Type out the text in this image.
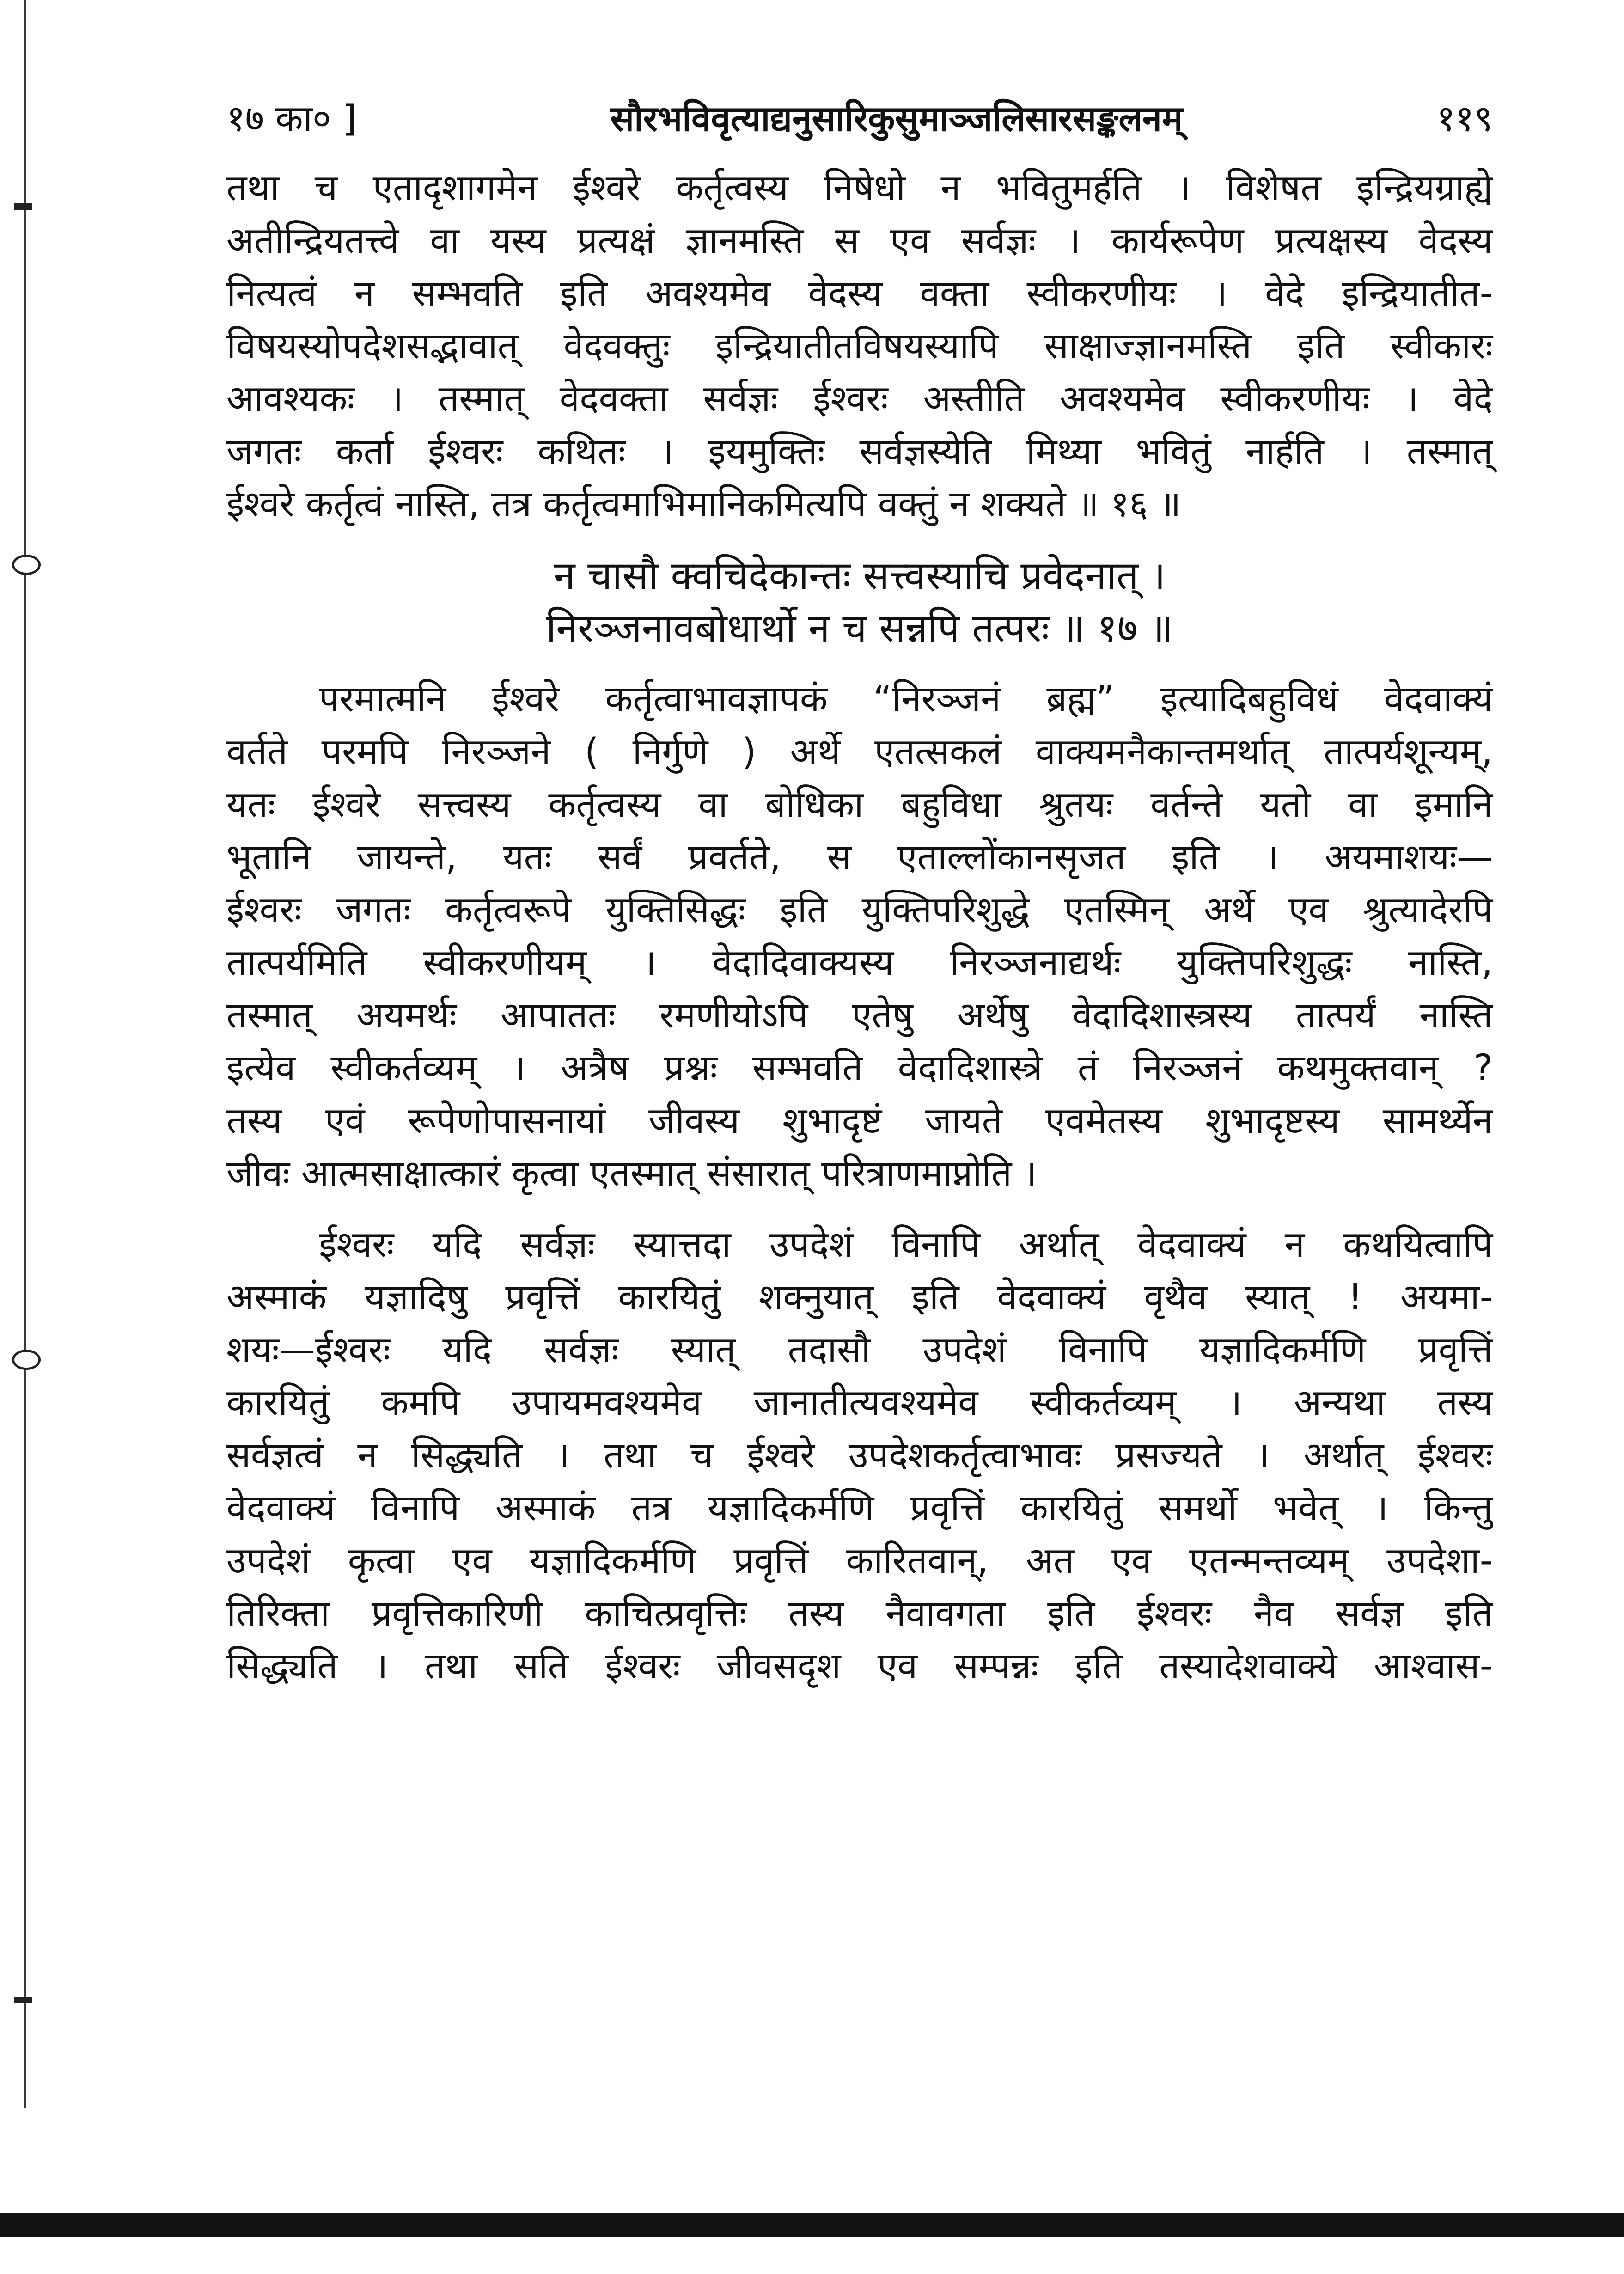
१७ का० ]	सौरभविवृत्याद्यनुसारिकुसुमाञ्जलिसारसङ्कलनम्	११९
तथा च एतादृशागमेन ईश्वरे कर्तृत्वस्य निषेधो न भवितुमर्हति । विशेषत इन्द्रियग्राह्ये
अतीन्द्रियतत्त्वे वा यस्य प्रत्यक्षं ज्ञानमस्ति स एव सर्वज्ञः । कार्यरूपेण प्रत्यक्षस्य वेदस्य
नित्यत्वं न सम्भवति इति अवश्यमेव वेदस्य वक्ता स्वीकरणीयः । वेदे इन्द्रियातीत-
विषयस्योपदेशसद्भावात् वेदवक्तुः इन्द्रियातीतविषयस्यापि साक्षाज्ज्ञानमस्ति इति स्वीकारः
आवश्यकः । तस्मात् वेदवक्ता सर्वज्ञः ईश्वरः अस्तीति अवश्यमेव स्वीकरणीयः । वेदे
जगतः कर्ता ईश्वरः कथितः । इयमुक्तिः सर्वज्ञस्येति मिथ्या भवितुं नार्हति । तस्मात्
ईश्वरे कर्तृत्वं नास्ति, तत्र कर्तृत्वमाभिमानिकमित्यपि वक्तुं न शक्यते ॥ १६ ॥
न चासौ क्वचिदेकान्तः सत्त्वस्याचि प्रवेदनात् ।
निरञ्जनावबोधार्थो न च सन्नपि तत्परः ॥ १७ ॥
परमात्मनि ईश्वरे कर्तृत्वाभावज्ञापकं “निरञ्जनं ब्रह्म” इत्यादिबहुविधं वेदवाक्यं
वर्तते परमपि निरञ्जने ( निर्गुणे ) अर्थे एतत्सकलं वाक्यमनैकान्तमर्थात् तात्पर्यशून्यम्,
यतः ईश्वरे सत्त्वस्य कर्तृत्वस्य वा बोधिका बहुविधा श्रुतयः वर्तन्ते यतो वा इमानि
भूतानि जायन्ते, यतः सर्वं प्रवर्तते, स एताल्लोंकानसृजत इति । अयमाशयः—
ईश्वरः जगतः कर्तृत्वरूपे युक्तिसिद्धः इति युक्तिपरिशुद्धे एतस्मिन् अर्थे एव श्रुत्यादेरपि
तात्पर्यमिति स्वीकरणीयम् । वेदादिवाक्यस्य निरञ्जनाद्यर्थः युक्तिपरिशुद्धः नास्ति,
तस्मात् अयमर्थः आपाततः रमणीयोऽपि एतेषु अर्थेषु वेदादिशास्त्रस्य तात्पर्यं नास्ति
इत्येव स्वीकर्तव्यम् । अत्रैष प्रश्नः सम्भवति वेदादिशास्त्रे तं निरञ्जनं कथमुक्तवान् ?
तस्य एवं रूपेणोपासनायां जीवस्य शुभादृष्टं जायते एवमेतस्य शुभादृष्टस्य सामर्थ्येन
जीवः आत्मसाक्षात्कारं कृत्वा एतस्मात् संसारात् परित्राणमाप्नोति ।
ईश्वरः यदि सर्वज्ञः स्यात्तदा उपदेशं विनापि अर्थात् वेदवाक्यं न कथयित्वापि
अस्माकं यज्ञादिषु प्रवृत्तिं कारयितुं शक्नुयात् इति वेदवाक्यं वृथैव स्यात् ! अयमा-
शयः—ईश्वरः यदि सर्वज्ञः स्यात् तदासौ उपदेशं विनापि यज्ञादिकर्मणि प्रवृत्तिं
कारयितुं कमपि उपायमवश्यमेव जानातीत्यवश्यमेव स्वीकर्तव्यम् । अन्यथा तस्य
सर्वज्ञत्वं न सिद्ध्यति । तथा च ईश्वरे उपदेशकर्तृत्वाभावः प्रसज्यते । अर्थात् ईश्वरः
वेदवाक्यं विनापि अस्माकं तत्र यज्ञादिकर्मणि प्रवृत्तिं कारयितुं समर्थो भवेत् । किन्तु
उपदेशं कृत्वा एव यज्ञादिकर्मणि प्रवृत्तिं कारितवान्, अत एव एतन्मन्तव्यम् उपदेशा-
तिरिक्ता प्रवृत्तिकारिणी काचित्प्रवृत्तिः तस्य नैवावगता इति ईश्वरः नैव सर्वज्ञ इति
सिद्ध्यति । तथा सति ईश्वरः जीवसदृश एव सम्पन्नः इति तस्यादेशवाक्ये आश्वास-
